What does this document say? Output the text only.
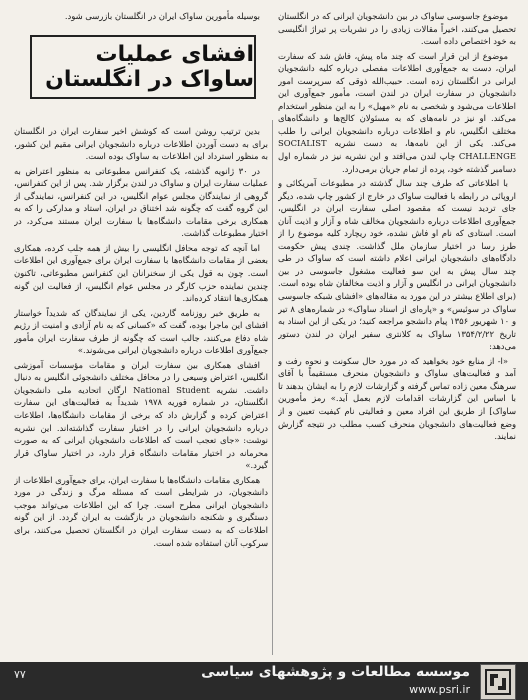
بوسیله مأمورین ساواک ایران در انگلستان بازرسی شود.

افشای عملیات ساواک در انگلستان

موضوع جاسوسی ساواک در بین دانشجویان ایرانی که در انگلستان تحصیل می‌کنند، اخیراً مقالات زیادی را در نشریات پر تیراژ انگلیسی به خود اختصاص داده است.

موضوع از این قرار است که چند ماه پیش، فاش شد که سفارت ایران، دست به جمع‌آوری اطلاعات مفصلی درباره کلیه دانشجویان ایرانی در انگلستان زده است. حبیب‌الله ذوقی که سرپرست امور دانشجویان در سفارت ایران در لندن است، مأمور جمع‌آوری این اطلاعات می‌شود و شخصی به نام «مهیل» را به این منظور استخدام می‌کند. او نیز در نامه‌های که به مسئولان کالج‌ها و دانشگاه‌های مختلف انگلیس، نام و اطلاعات درباره دانشجویان ایرانی را طلب می‌کند. یکی از این نامه‌ها، به دست نشریه SOCIALIST CHALLENGE چاپ لندن می‌افتد و این نشریه نیز در شماره اول دسامبر گذشته خود، پرده از تمام جریان برمی‌دارد.

با اطلاعاتی که طرف چند سال گذشته در مطبوعات آمریکائی و اروپائی در رابطه با فعالیت ساواک در خارج از کشور چاپ شده، دیگر جای تردید نیست که مقصود اصلی سفارت ایران در انگلیس، جمع‌آوری اطلاعات درباره دانشجویان مخالف شاه و آزار و اذیت آنان است. استادی که نام او فاش نشده، خود ریچارد کلیه موضوع را از طرز رسا در اختیار سازمان ملل گذاشت. چندی پیش حکومت دادگاه‌های دانشجویان ایرانی اعلام داشته است که ساواک در طی چند سال پیش به این سو فعالیت مشغول جاسوسی در بین دانشجویان ایرانی در انگلیس و آزار و اذیت مخالفان شاه بوده است. (برای اطلاع بیشتر در این مورد به مقاله‌های «افشای شبکه جاسوسی ساواک در سوئیس» و «پاره‌ای از اسناد ساواک» در شماره‌های ۸ تیر و ۱۰ شهریور ۱۳۵۶ پیام دانشجو مراجعه کنید؛ در یکی از این اسناد به تاریخ ۱۳۵۴/۲/۲۲ ساواک به کلانتری سفیر ایران در لندن دستور می‌دهد:

«ا- از منابع خود بخواهید که در مورد حال سکونت و نحوه رفت و آمد و فعالیت‌های ساواک و دانشجویان منحرف مستقیماً با آقای سرهنگ معین زاده تماس گرفته و گزارشات لازم را به ایشان بدهند تا با اساس این گزارشات اقدامات لازم بعمل آید.» رمز مأمورین ساواک] از طریق این افراد معین و فعالیتی نام کیفیت تعیین و از وضع فعالیت‌های دانشجویان منحرف کسب مطلب در نتیجه گزارش نمایند.

بدین ترتیب روشن است که کوشش اخیر سفارت ایران در انگلستان برای به دست آوردن اطلاعات درباره دانشجویان ایرانی مقیم این کشور، به منظور استرداد این اطلاعات به ساواک بوده است.

در ۳۰ ژانویه گذشته، یک کنفرانس مطبوعاتی به منظور اعتراض به عملیات سفارت ایران و ساواک در لندن برگزار شد. پس از این کنفرانس، گروهی از نمایندگان مجلس عوام انگلیس، در این کنفرانس، نمایندگی از این گروه گفت که چگونه شد اختناق در ایران، استاد و مدارکی را که به همکاری برخی مقامات دانشگاه‌ها با سفارت ایران مستند می‌کرد، در اختیار مطبوعات گذاشت.

اما آنچه که توجه محافل انگلیسی را بیش از همه جلب کرده، همکاری بعضی از مقامات دانشگاه‌ها با سفارت ایران برای جمع‌آوری این اطلاعات است. چون به قول یکی از سخنرانان این کنفرانس مطبوعاتی، تاکنون چندین نماینده حزب کارگر در مجلس عوام انگلیس، از فعالیت این گونه همکاری‌ها انتقاد کرده‌اند.

به طریق خبر روزنامه گاردین، یکی از نمایندگان که شدیداً خواستار افشای این ماجرا بوده، گفت که «کسانی که به نام آزادی و امنیت از رژیم شاه دفاع می‌کنند، جالب است که چگونه از طرف سفارت ایران مأمور جمع‌آوری اطلاعات درباره دانشجویان ایرانی می‌شوند.»

افشای همکاری بین سفارت ایران و مقامات مؤسسات آموزشی انگلیس، اعتراض وسیعی را در محافل مختلف دانشجوئی انگلیس به دنبال داشت. نشریه National Student ارگان اتحادیه ملی دانشجویان انگلستان، در شماره فوریه ۱۹۷۸ شدیداً به فعالیت‌های این سفارت اعتراض کرده و گزارش داد که برخی از مقامات دانشگاه‌ها، اطلاعات درباره دانشجویان ایرانی را در اختیار سفارت گذاشته‌اند. این نشریه نوشت: «جای تعجب است که اطلاعات دانشجویان ایرانی که به صورت محرمانه در اختیار مقامات دانشگاه قرار دارد، در اختیار ساواک قرار گیرد.»

همکاری مقامات دانشگاه‌ها با سفارت ایران، برای جمع‌آوری اطلاعات از دانشجویان، در شرایطی است که مسئله مرگ و زندگی در مورد دانشجویان ایرانی مطرح است. چرا که این اطلاعات می‌تواند موجب دستگیری و شکنجه دانشجویان در بازگشت به ایران گردد. از این گونه اطلاعات که به دست سفارت ایران در انگلستان تحصیل می‌کنند، برای سرکوب آنان استفاده شده است.

۷۷	موسسه مطالعات و پژوهشهای سیاسی
www.psri.ir
